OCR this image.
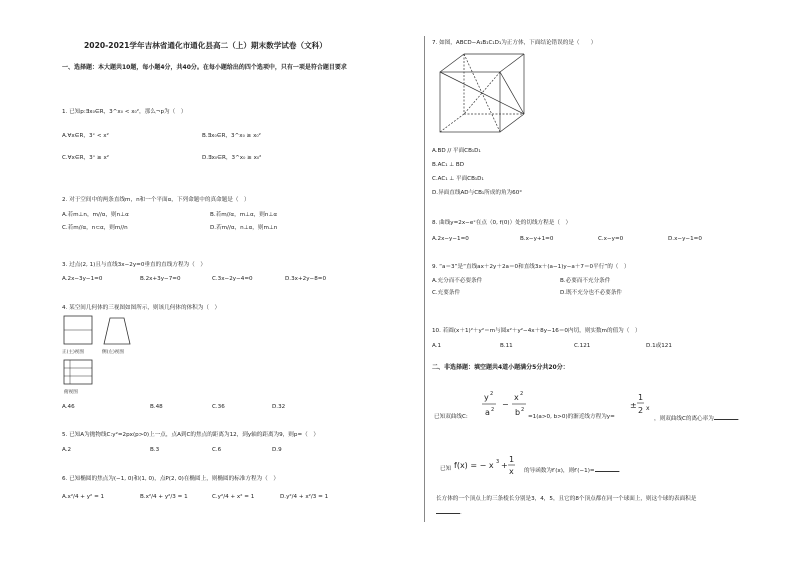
2020-2021学年吉林省通化市通化县高二（上）期末数学试卷（文科）
一、选择题：本大题共10题，每小题4分，共40分。在每小题给出的四个选项中，只有一项是符合题目要求
1. 已知p:∃x₀∈R，3^x₀ < x₀²，那么¬p为（　）
A.∀x∈R，3ˣ < x²	B.∃x₀∈R，3^x₀ ≥ x₀²
C.∀x∈R，3ˣ ≥ x²	D.∃x₀∈R，3^x₀ ≥ x₀²
2. 对于空间中的两条直线m，n和一个平面α，下列命题中的真命题是（　）
A.若m⊥n，m//α，则n⊥α	B.若m//α，m⊥α，则n⊥α
C.若m//α，n⊂α，则m//n	D.若m//α，n⊥α，则m⊥n
3. 过点(2, 1)且与直线3x−2y=0垂直的直线方程为（　）
A.2x−3y−1=0	B.2x+3y−7=0	C.3x−2y−4=0	D.3x+2y−8=0
4. 某空间几何体的三视图如图所示，则该几何体的体积为（　）
正(主)视图	侧(左)视图
俯视图
A.46	B.48	C.36	D.32
5. 已知A为抛物线C:y²=2px(p>0)上一点，点A到C的焦点的距离为12，到y轴的距离为9，则p=（　）
A.2	B.3	C.6	D.9
6. 已知椭圆的焦点为(−1, 0)和(1, 0)，点P(2, 0)在椭圆上，则椭圆的标准方程为（　）
A.x²/4 + y² = 1	B.x²/4 + y²/3 = 1	C.y²/4 + x² = 1	D.y²/4 + x²/3 = 1
7. 如图，ABCD−A₁B₁C₁D₁为正方体，下面结论错误的是（　　）
A.BD // 平面CB₁D₁
B.AC₁ ⊥ BD
C.AC₁ ⊥ 平面CB₁D₁
D.异面直线AD与CB₁所成的角为60°
8. 曲线y=2x−eˣ在点（0, f(0)）处的切线方程是（　）
A.2x−y−1=0	B.x−y+1=0	C.x−y=0	D.x−y−1=0
9. “a＝3”是“直线ax＋2y＋2a＝0和直线3x＋(a−1)y−a＋7＝0平行”的（　）
A.充分而不必要条件	B.必要而不充分条件
C.充要条件	D.既不充分也不必要条件
10. 若圆(x＋1)²＋y²＝m与圆x²＋y²−4x＋8y−16＝0内切，则实数m的值为（　）
A.1	B.11	C.121	D.1或121
二、非选择题：填空题共4道小题满分5分共20分：
已知双曲线C:
y 2
a 2
−
x 2
b 2	±
1
2 x
=1(a>0, b>0)的渐近线方程为y=	，则双曲线C的离心率为	.
已知 f(x) = − x 3 +
1
x 的导函数为f′(x)，则f′(−1)=	.
长方体的一个顶点上的三条棱长分别是3，4，5，且它的8个顶点都在同一个球面上，则这个球的表面积是
.
